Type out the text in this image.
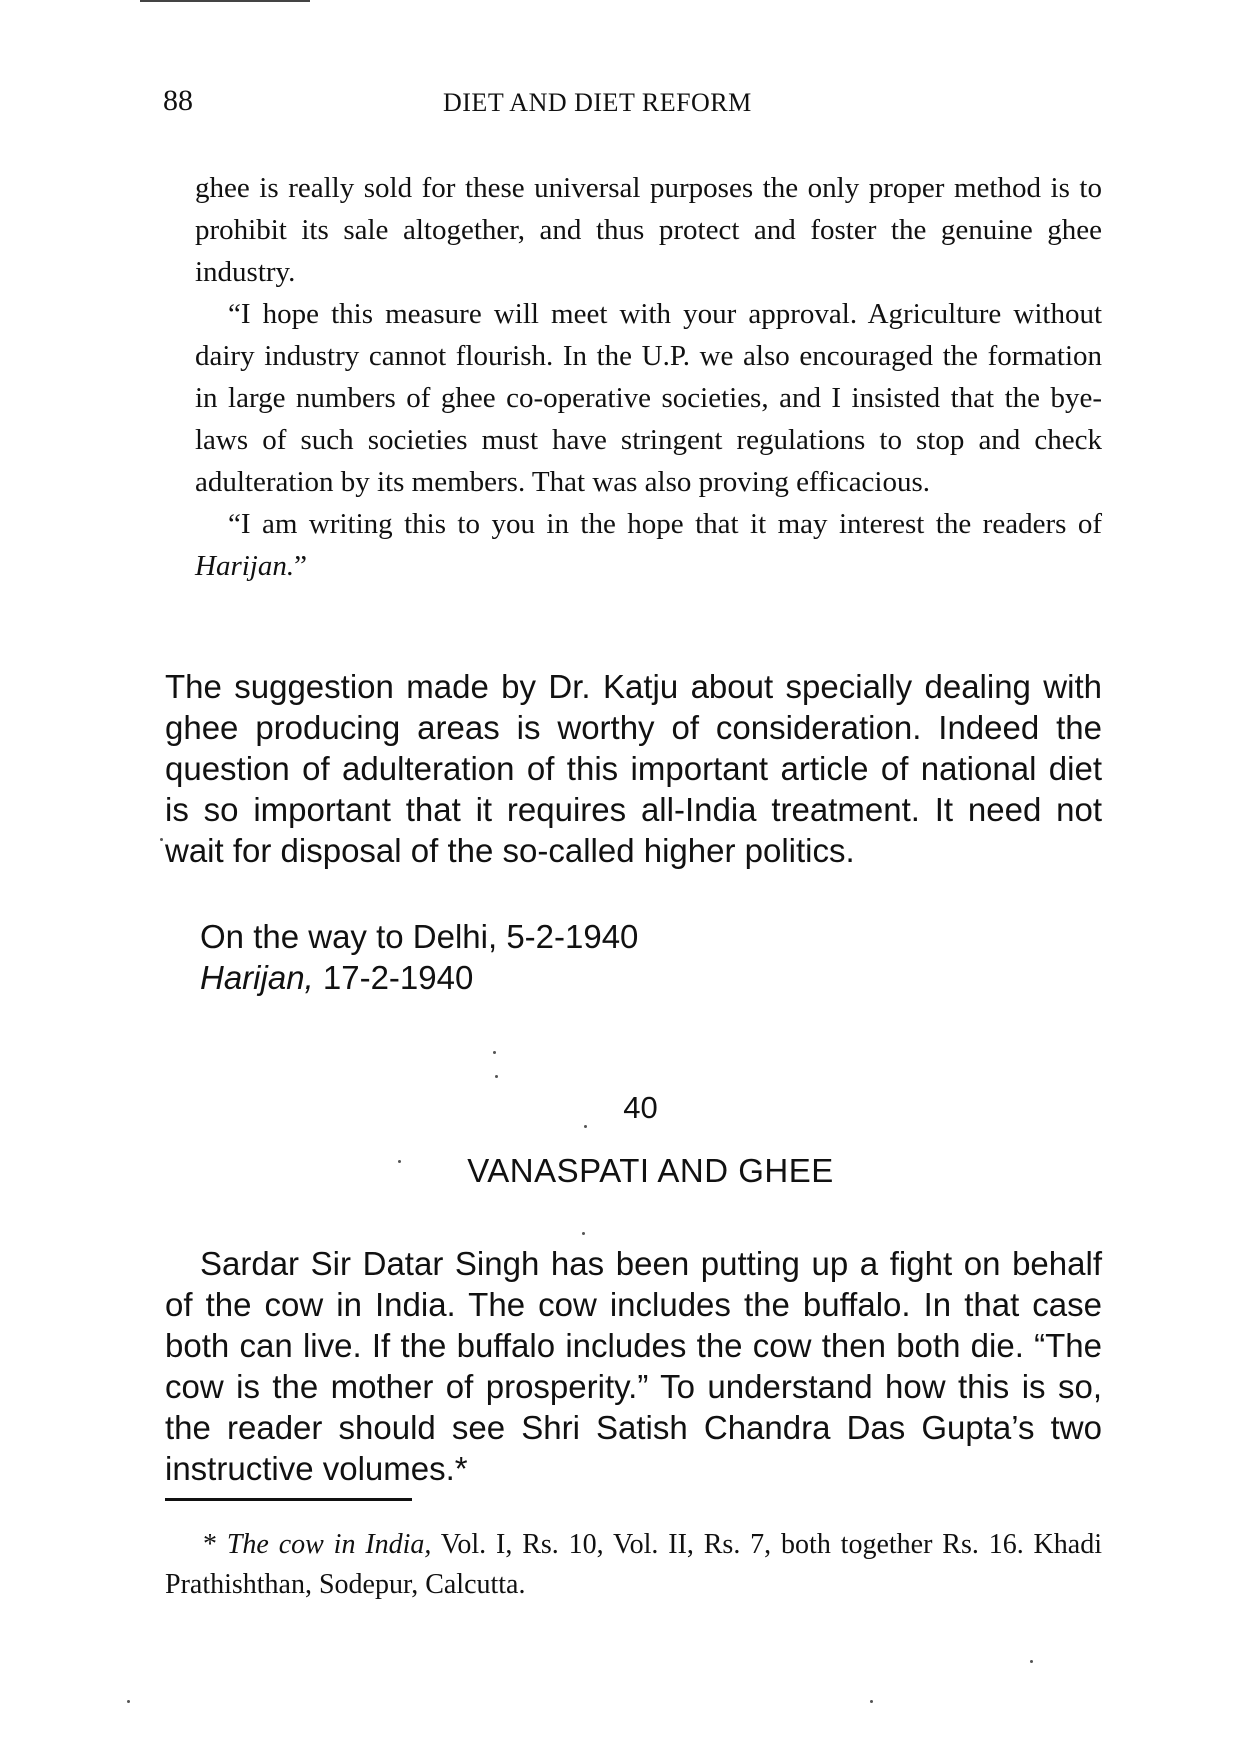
88	DIET AND DIET REFORM

ghee is really sold for these universal purposes the only proper method is to prohibit its sale altogether, and thus protect and foster the genuine ghee industry.

“I hope this measure will meet with your approval. Agriculture without dairy industry cannot flourish. In the U.P. we also encouraged the formation in large numbers of ghee co-operative societies, and I insisted that the bye-laws of such societies must have stringent regulations to stop and check adulteration by its members. That was also proving efficacious.

“I am writing this to you in the hope that it may interest the readers of Harijan.”

The suggestion made by Dr. Katju about specially dealing with ghee producing areas is worthy of consideration. Indeed the question of adulteration of this important article of national diet is so important that it requires all-India treatment. It need not wait for disposal of the so-called higher politics.

On the way to Delhi, 5-2-1940
Harijan, 17-2-1940
40
VANASPATI AND GHEE

Sardar Sir Datar Singh has been putting up a fight on behalf of the cow in India. The cow includes the buffalo. In that case both can live. If the buffalo includes the cow then both die. “The cow is the mother of prosperity.” To understand how this is so, the reader should see Shri Satish Chandra Das Gupta’s two instructive volumes.*

* The cow in India, Vol. I, Rs. 10, Vol. II, Rs. 7, both together Rs. 16. Khadi Prathishthan, Sodepur, Calcutta.
